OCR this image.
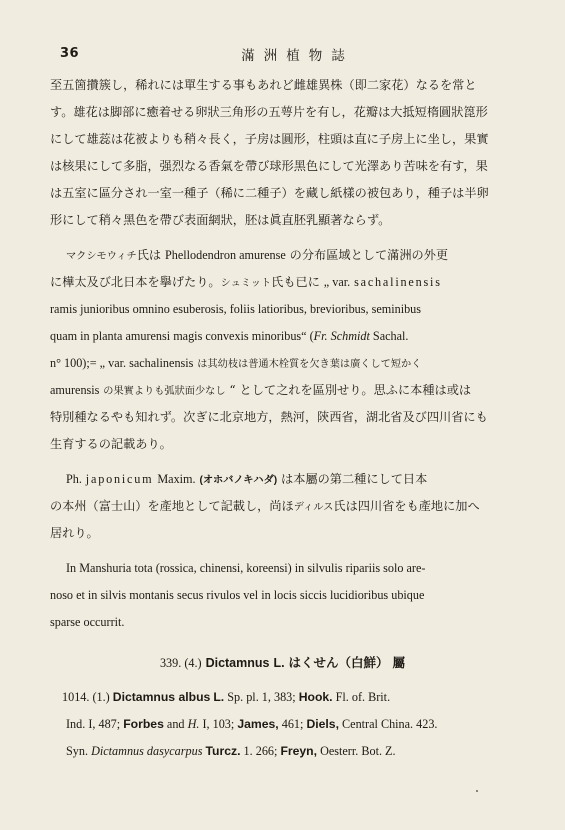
36	滿洲植物誌
至五箇攢簇し，稀れには單生する事もあれど雌雄異株（即二家花）なるを常と
す。雄花は脚部に癒着せる卵狀三角形の五萼片を有し，花瓣は大抵短楕圓狀箆形
にして雄蕊は花被よりも稍々長く，子房は圓形，柱頭は直に子房上に坐し，果實
は核果にして多脂，强烈なる香氣を帶び球形黑色にして光澤あり苦味を有す，果
は五室に區分され一室一種子（稀に二種子）を藏し紙樣の被包あり，種子は半卵
形にして稍々黑色を帶び表面網狀，胚は眞直胚乳顯著ならず。
マクシモウィチ氏は Phellodendron amurense の分布區域として滿洲の外更
に樺太及び北日本を擧げたり。シュミット氏も已に „ var. sachalinensis
ramis junioribus omnino esuberosis, foliis latioribus, brevioribus, seminibus
quam in planta amurensi magis convexis minoribus“ (Fr. Schmidt Sachal.
n° 100);= „ var. sachalinensis は其幼枝は普通木栓質を欠き葉は廣くして短かく
amurensis の果實よりも弧狀面少なし “ として之れを區別せり。思ふに本種は或は
特別種なるやも知れず。次ぎに北京地方，熱河，陝西省，湖北省及び四川省にも
生育するの記載あり。
Ph. japonicum Maxim. (オホバノキハダ) は本屬の第二種にして日本
の本州（富士山）を產地として記載し，尚ほディルス氏は四川省をも產地に加へ
居れり。
In Manshuria tota (rossica, chinensi, koreensi) in silvulis ripariis solo are-
noso et in silvis montanis secus rivulos vel in locis siccis lucidioribus ubique
sparse occurrit.
339. (4.) Dictamnus L. はくせん（白鮮） 屬
1014. (1.) Dictamnus albus L. Sp. pl. 1, 383; Hook. Fl. of. Brit.
Ind. I, 487; Forbes and H. I, 103; James, 461; Diels, Central China. 423.
Syn. Dictamnus dasycarpus Turcz. 1. 266; Freyn, Oesterr. Bot. Z.
